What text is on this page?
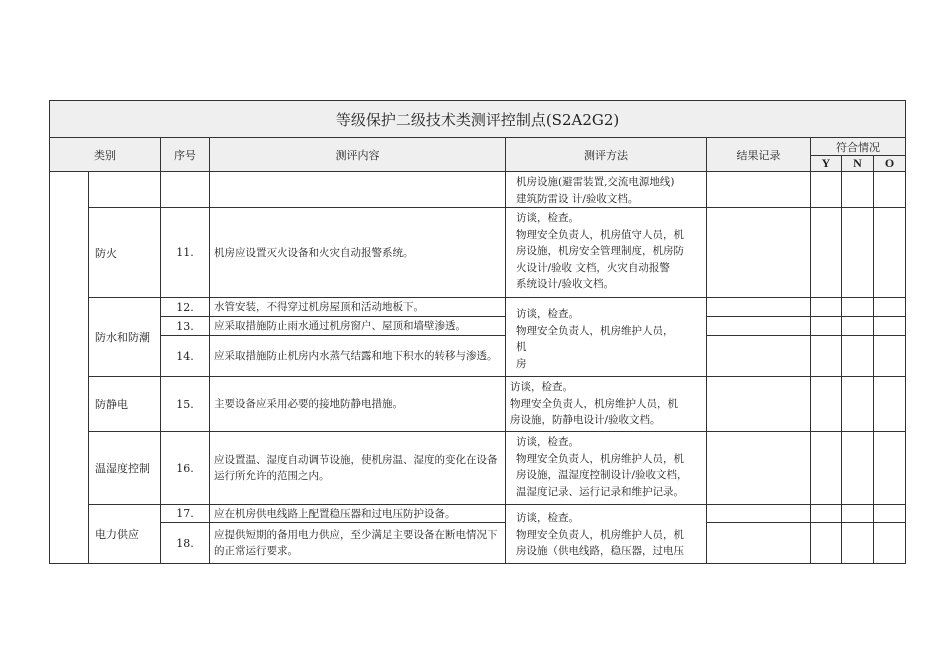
等级保护二级技术类测评控制点(S2A2G2)								
类别		序号	测评内容	测评方法	结果记录	符合情况		
						Y	N	O

				机房设施(避雷装置,交流电源地线)
建筑防雷设 计/验收文档。				

	防火	11.	机房应设置灭火设备和火灾自动报警系统。	访谈，检查。
物理安全负责人，机房值守人员，机
房设施，机房安全管理制度，机房防
火设计/验收 文档，火灾自动报警
系统设计/验收文档。				

	防水和防潮	12.	水管安装，不得穿过机房屋顶和活动地板下。	访谈，检查。
物理安全负责人，机房维护人员，
机
房				

		13.	应采取措施防止雨水通过机房窗户、屋顶和墙壁渗透。					
		14.	应采取措施防止机房内水蒸气结露和地下积水的转移与渗透。					
	防静电	15.	主要设备应采用必要的接地防静电措施。	访谈，检查。
物理安全负责人，机房维护人员，机
房设施，防静电设计/验收文档。				

	温湿度控制	16.	应设置温、湿度自动调节设施，使机房温、湿度的变化在设备运行所允许的范围之内。	访谈，检查。
物理安全负责人，机房维护人员，机
房设施，温湿度控制设计/验收文档，
温湿度记录、运行记录和维护记录。				

	电力供应	17.	应在机房供电线路上配置稳压器和过电压防护设备。	访谈，检查。
物理安全负责人，机房维护人员，机
房设施（供电线路，稳压器，过电压				

		18.	应提供短期的备用电力供应，至少满足主要设备在断电情况下的正常运行要求。					
